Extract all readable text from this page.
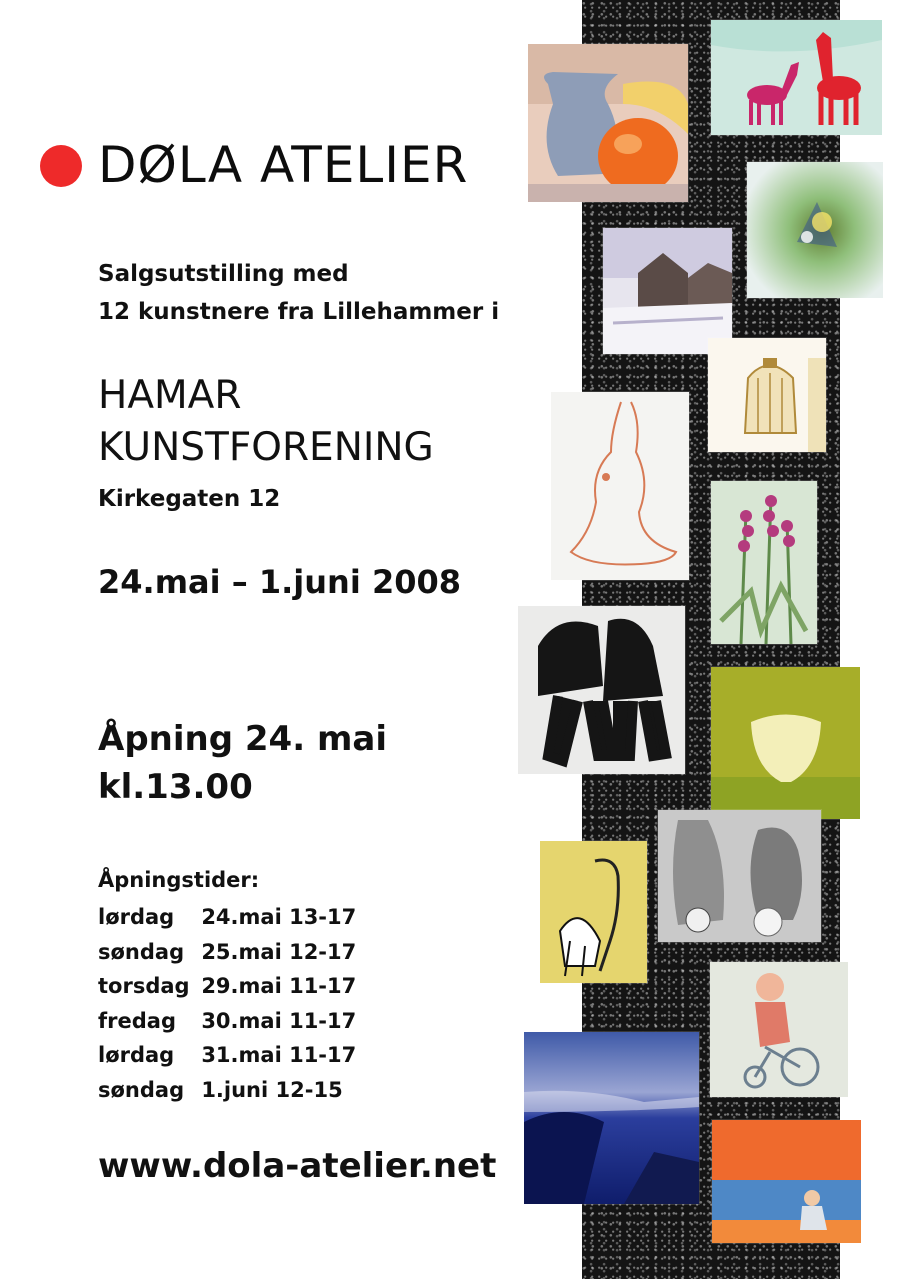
DØLA ATELIER
Salgsutstilling med
12 kunstnere fra Lillehammer i
HAMAR
KUNSTFORENING
Kirkegaten 12
24.mai – 1.juni 2008
Åpning 24. mai
kl.13.00
Åpningstider:
lørdag 24.mai 13-17
søndag 25.mai 12-17
torsdag 29.mai 11-17
fredag 30.mai 11-17
lørdag 31.mai 11-17
søndag 1.juni 12-15
www.dola-atelier.net
